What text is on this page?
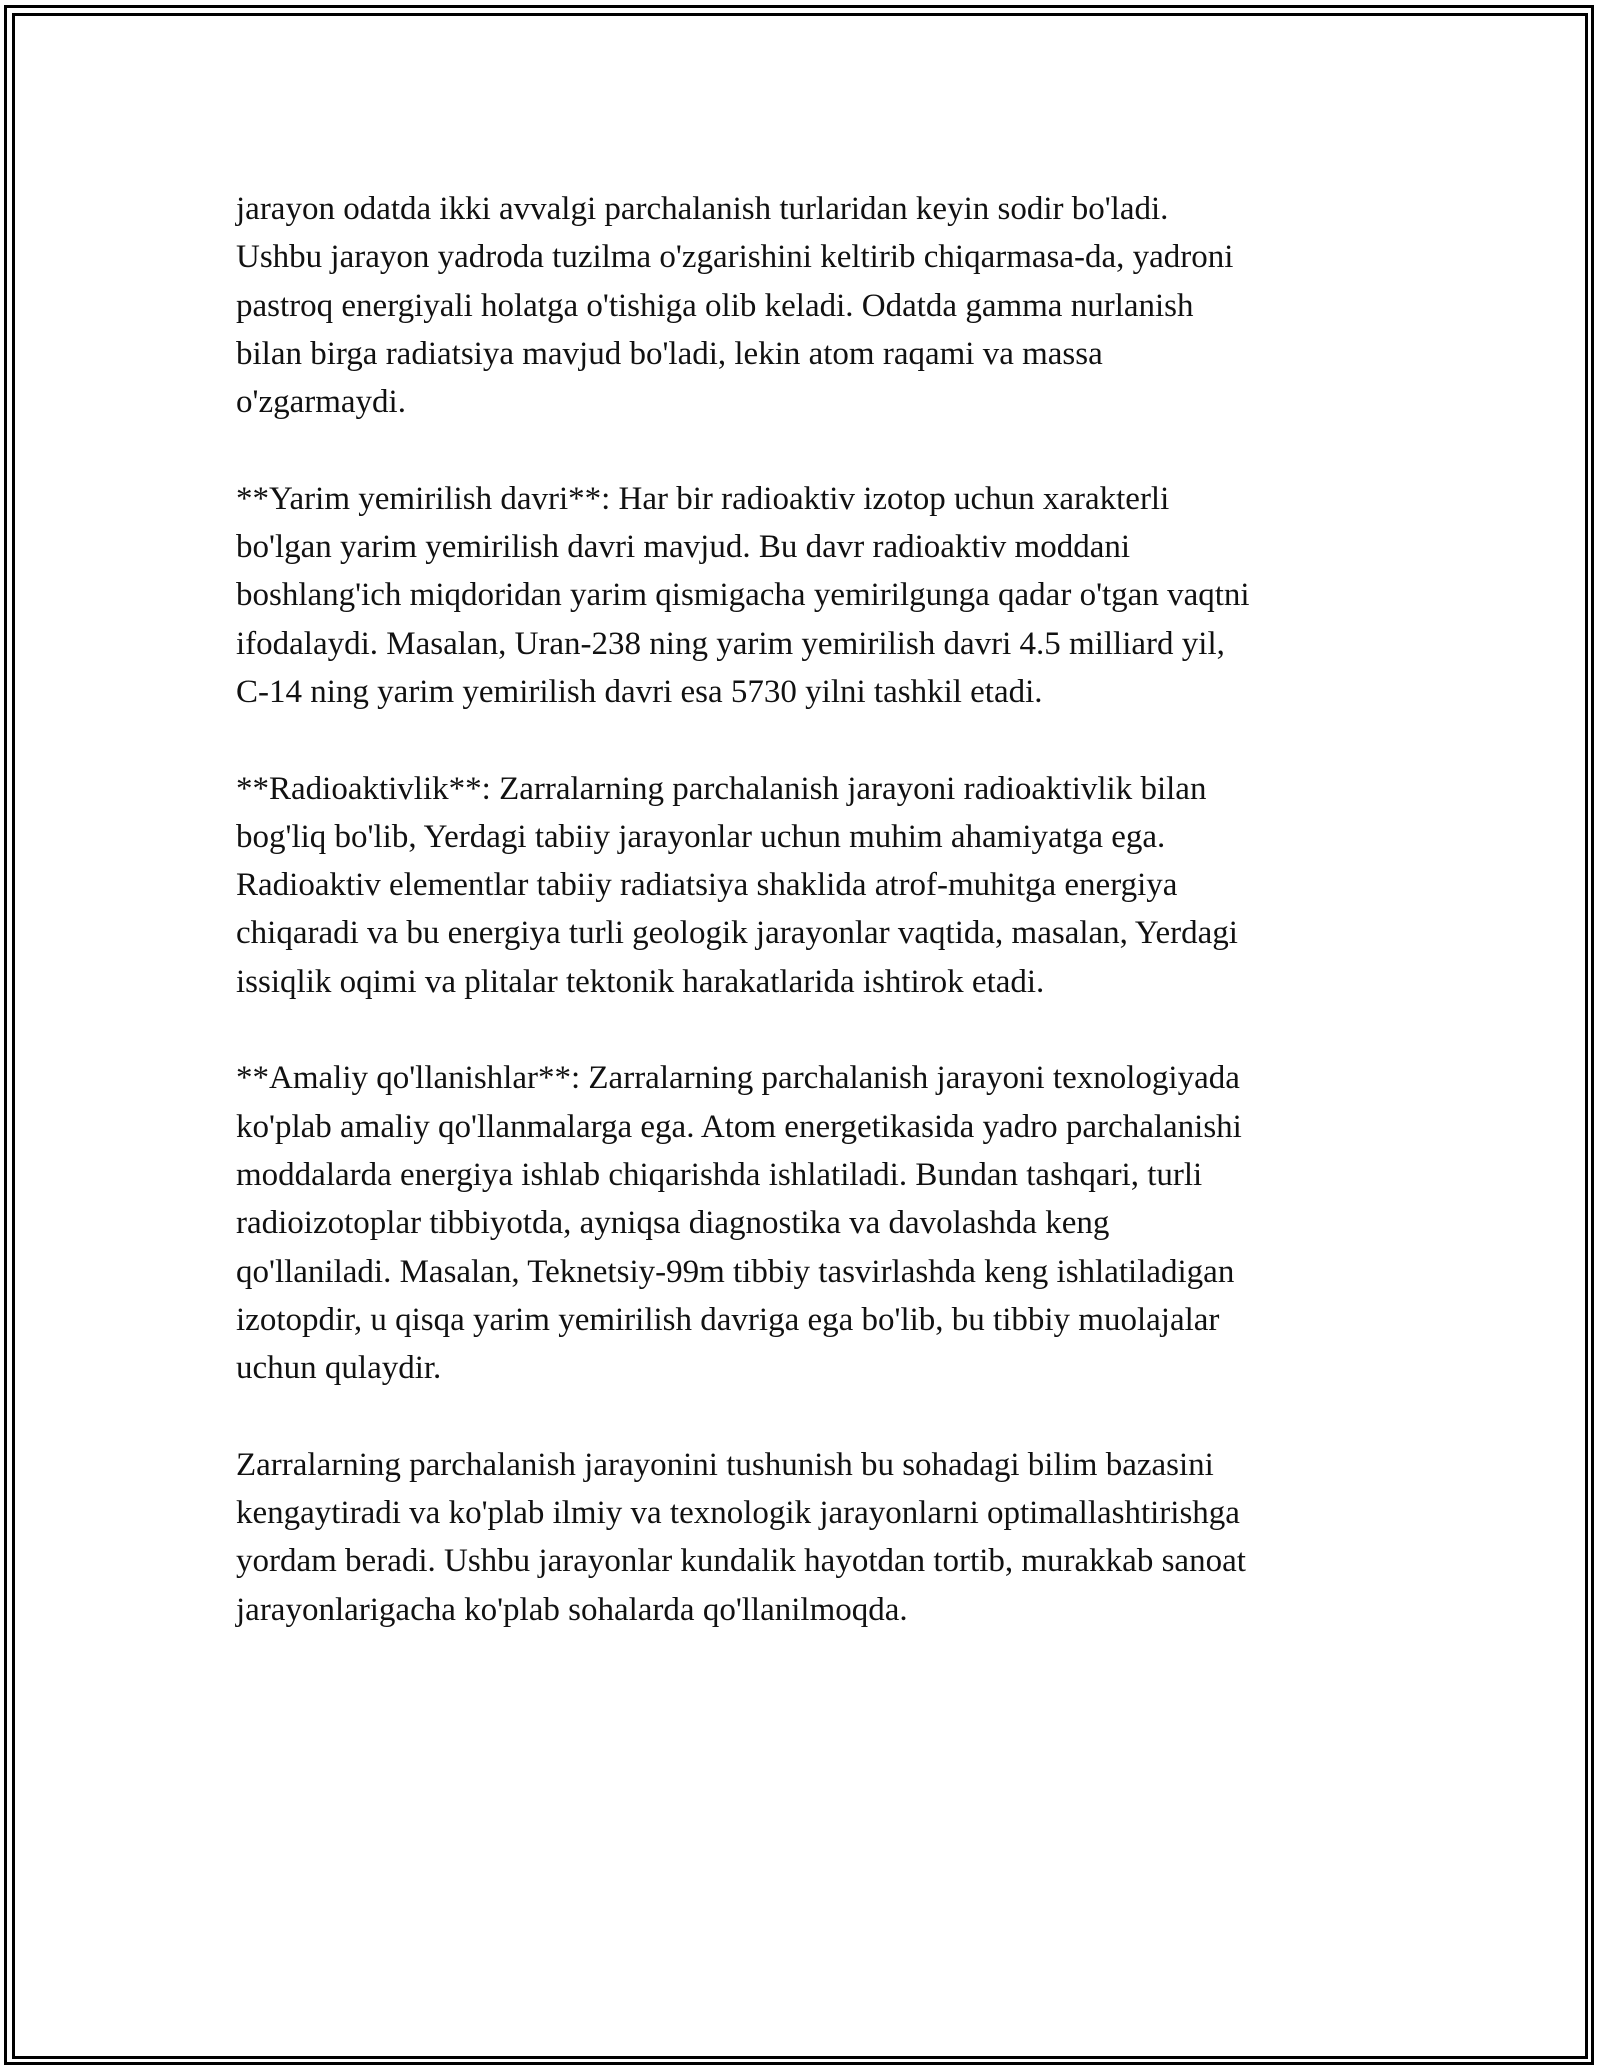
jarayon odatda ikki avvalgi parchalanish turlaridan keyin sodir bo'ladi.
Ushbu jarayon yadroda tuzilma o'zgarishini keltirib chiqarmasa-da, yadroni
pastroq energiyali holatga o'tishiga olib keladi. Odatda gamma nurlanish
bilan birga radiatsiya mavjud bo'ladi, lekin atom raqami va massa
o'zgarmaydi.
**Yarim yemirilish davri**: Har bir radioaktiv izotop uchun xarakterli
bo'lgan yarim yemirilish davri mavjud. Bu davr radioaktiv moddani
boshlang'ich miqdoridan yarim qismigacha yemirilgunga qadar o'tgan vaqtni
ifodalaydi. Masalan, Uran-238 ning yarim yemirilish davri 4.5 milliard yil,
C-14 ning yarim yemirilish davri esa 5730 yilni tashkil etadi.
**Radioaktivlik**: Zarralarning parchalanish jarayoni radioaktivlik bilan
bog'liq bo'lib, Yerdagi tabiiy jarayonlar uchun muhim ahamiyatga ega.
Radioaktiv elementlar tabiiy radiatsiya shaklida atrof-muhitga energiya
chiqaradi va bu energiya turli geologik jarayonlar vaqtida, masalan, Yerdagi
issiqlik oqimi va plitalar tektonik harakatlarida ishtirok etadi.
**Amaliy qo'llanishlar**: Zarralarning parchalanish jarayoni texnologiyada
ko'plab amaliy qo'llanmalarga ega. Atom energetikasida yadro parchalanishi
moddalarda energiya ishlab chiqarishda ishlatiladi. Bundan tashqari, turli
radioizotoplar tibbiyotda, ayniqsa diagnostika va davolashda keng
qo'llaniladi. Masalan, Teknetsiy-99m tibbiy tasvirlashda keng ishlatiladigan
izotopdir, u qisqa yarim yemirilish davriga ega bo'lib, bu tibbiy muolajalar
uchun qulaydir.
Zarralarning parchalanish jarayonini tushunish bu sohadagi bilim bazasini
kengaytiradi va ko'plab ilmiy va texnologik jarayonlarni optimallashtirishga
yordam beradi. Ushbu jarayonlar kundalik hayotdan tortib, murakkab sanoat
jarayonlarigacha ko'plab sohalarda qo'llanilmoqda.
